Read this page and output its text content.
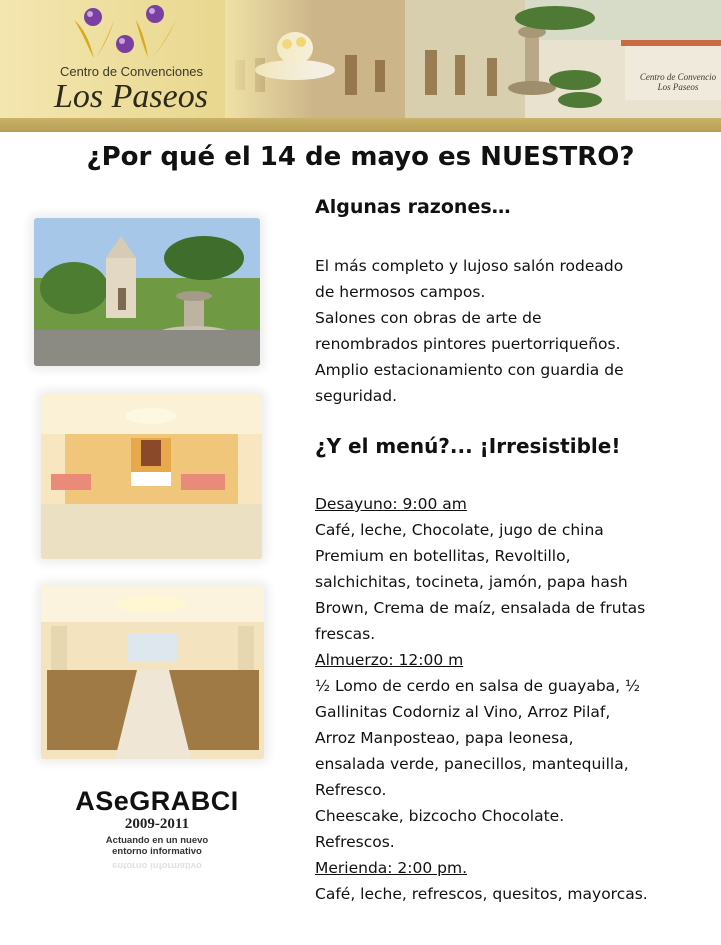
Centro de Convenciones
Los Paseos
Centro de Convencio
Los Paseos
¿Por qué el 14 de mayo es NUESTRO?
ASeGRABCI
2009-2011
Actuando en un nuevo
entorno informativo
entorno informativo
Algunas razones…
El más completo y lujoso salón rodeado
de hermosos campos.
Salones con obras de arte de
renombrados pintores puertorriqueños.
Amplio estacionamiento con guardia de
seguridad.
¿Y el menú?... ¡Irresistible!
Desayuno: 9:00 am
Café, leche, Chocolate, jugo de china
Premium en botellitas, Revoltillo,
salchichitas, tocineta, jamón, papa hash
Brown, Crema de maíz, ensalada de frutas
frescas.
Almuerzo: 12:00 m
½ Lomo de cerdo en salsa de guayaba, ½
Gallinitas Codorniz al Vino, Arroz Pilaf,
Arroz Manposteao, papa leonesa,
ensalada verde, panecillos, mantequilla,
Refresco.
Cheescake, bizcocho Chocolate.
Refrescos.
Merienda: 2:00 pm.
Café, leche, refrescos, quesitos, mayorcas.
